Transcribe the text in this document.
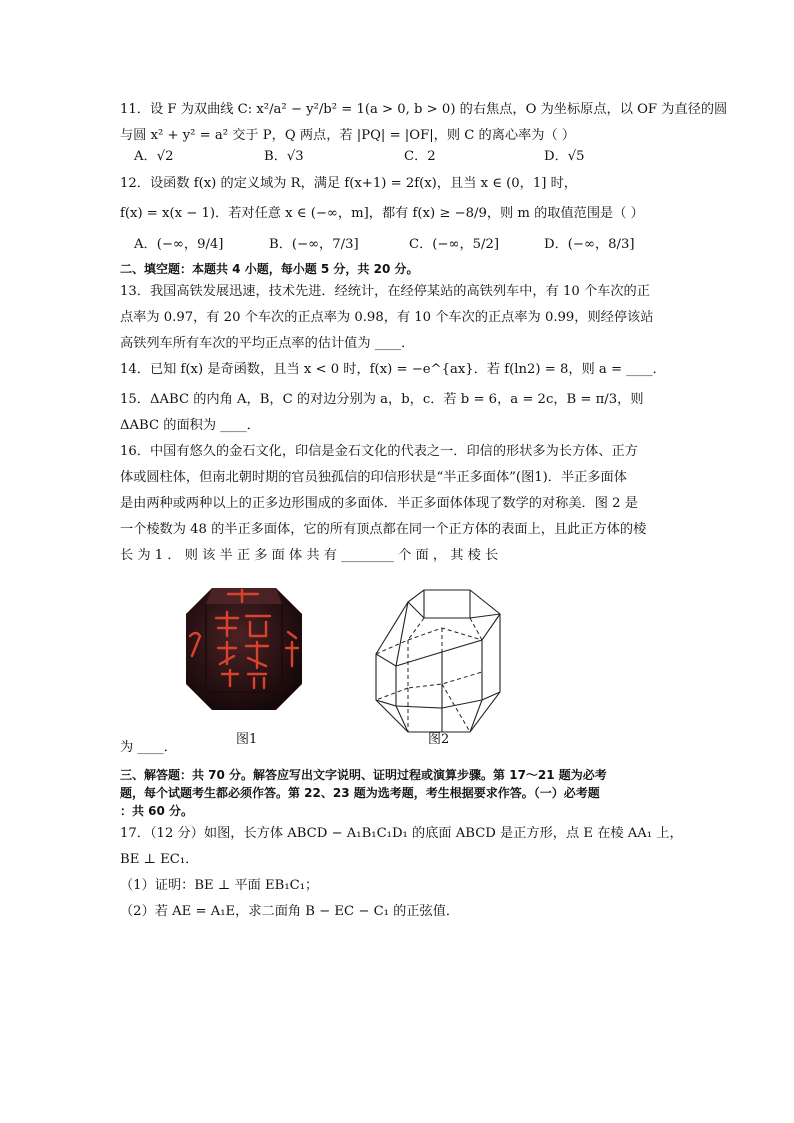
11．设 F 为双曲线 C: x²/a² − y²/b² = 1(a > 0, b > 0) 的右焦点，O 为坐标原点，以 OF 为直径的圆

与圆 x² + y² = a² 交于 P，Q 两点，若 |PQ| = |OF|，则 C 的离心率为（ ）

A．√2	B．√3	C．2	D．√5

12．设函数 f(x) 的定义域为 R，满足 f(x+1) = 2f(x)，且当 x ∈ (0，1] 时，

f(x) = x(x − 1)．若对任意 x ∈ (−∞，m]，都有 f(x) ≥ −8/9，则 m 的取值范围是（ ）

A．(−∞，9/4]	B．(−∞，7/3]	C．(−∞，5/2]	D．(−∞，8/3]

二、填空题：本题共 4 小题，每小题 5 分，共 20 分。

13．我国高铁发展迅速，技术先进．经统计，在经停某站的高铁列车中，有 10 个车次的正

点率为 0.97，有 20 个车次的正点率为 0.98，有 10 个车次的正点率为 0.99，则经停该站

高铁列车所有车次的平均正点率的估计值为 ____．

14．已知 f(x) 是奇函数，且当 x < 0 时，f(x) = −e^{ax}．若 f(ln2) = 8，则 a = ____．

15．ΔABC 的内角 A，B，C 的对边分别为 a，b，c．若 b = 6，a = 2c，B = π/3，则

ΔABC 的面积为 ____．

16．中国有悠久的金石文化，印信是金石文化的代表之一．印信的形状多为长方体、正方

体或圆柱体，但南北朝时期的官员独孤信的印信形状是“半正多面体”(图1)．半正多面体

是由两种或两种以上的正多边形围成的多面体．半正多面体体现了数学的对称美．图 2 是

一个棱数为 48 的半正多面体，它的所有顶点都在同一个正方体的表面上，且此正方体的棱

长 为 1 ． 则 该 半 正 多 面 体 共 有 ________ 个 面 ， 其 棱 长

图1	图2

为 ____．

三、解答题：共 70 分。解答应写出文字说明、证明过程或演算步骤。第 17～21 题为必考

题，每个试题考生都必须作答。第 22、23 题为选考题，考生根据要求作答。（一）必考题

：共 60 分。

17．（12 分）如图，长方体 ABCD − A₁B₁C₁D₁ 的底面 ABCD 是正方形，点 E 在棱 AA₁ 上，

BE ⊥ EC₁．

（1）证明：BE ⊥ 平面 EB₁C₁；

（2）若 AE = A₁E，求二面角 B − EC − C₁ 的正弦值．
